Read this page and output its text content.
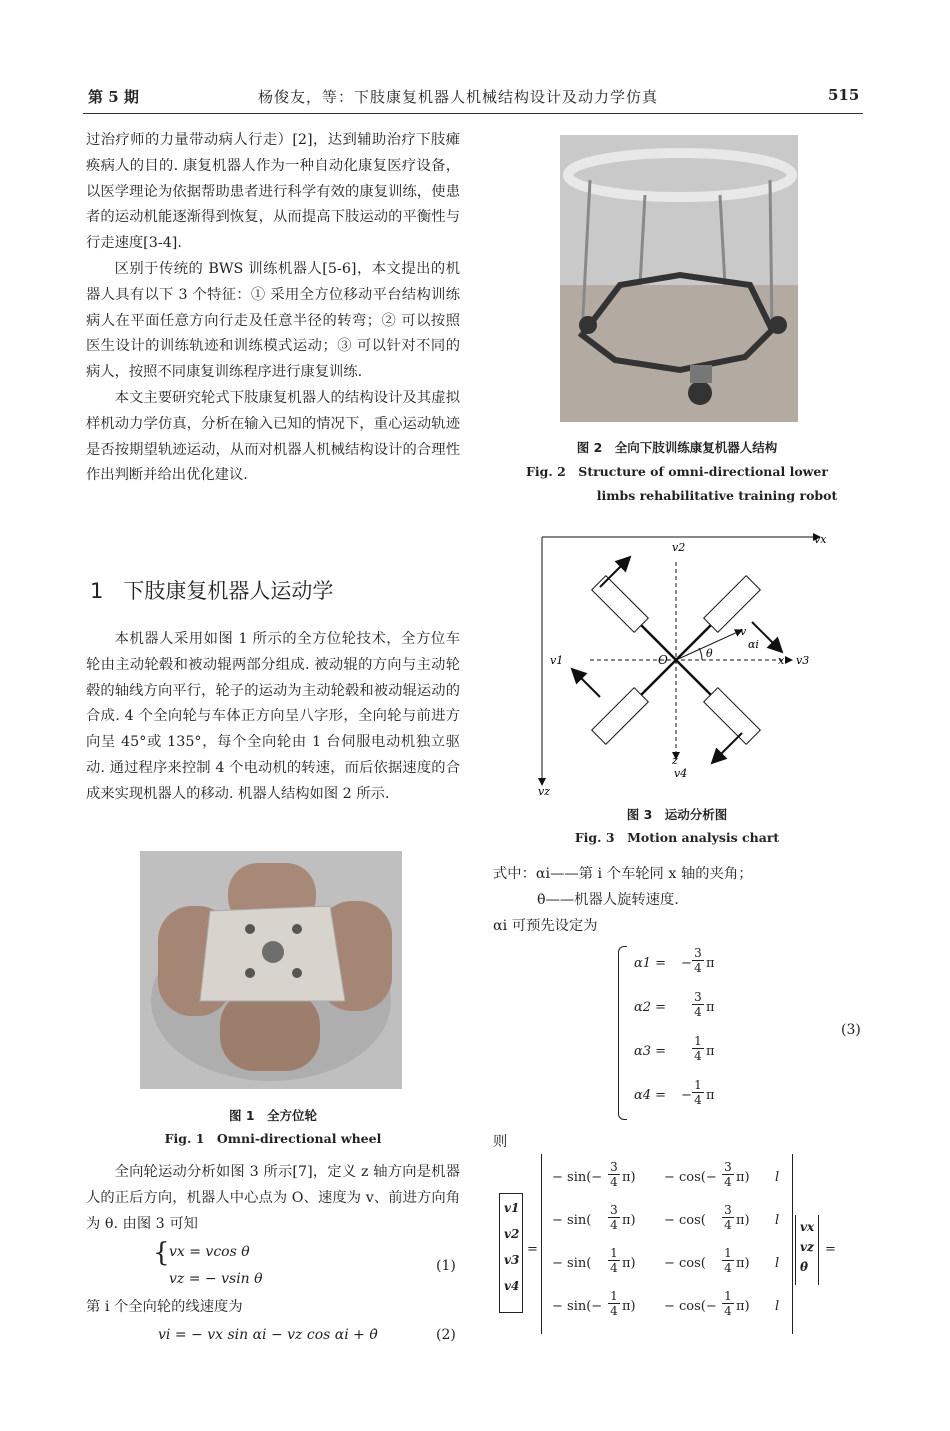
第 5 期	杨俊友，等：下肢康复机器人机械结构设计及动力学仿真	515

过治疗师的力量带动病人行走）[2]，达到辅助治疗下肢瘫痪病人的目的. 康复机器人作为一种自动化康复医疗设备，以医学理论为依据帮助患者进行科学有效的康复训练，使患者的运动机能逐渐得到恢复，从而提高下肢运动的平衡性与行走速度[3-4].

区别于传统的 BWS 训练机器人[5-6]，本文提出的机器人具有以下 3 个特征：① 采用全方位移动平台结构训练病人在平面任意方向行走及任意半径的转弯；② 可以按照医生设计的训练轨迹和训练模式运动；③ 可以针对不同的病人，按照不同康复训练程序进行康复训练.

本文主要研究轮式下肢康复机器人的结构设计及其虚拟样机动力学仿真，分析在输入已知的情况下，重心运动轨迹是否按期望轨迹运动，从而对机器人机械结构设计的合理性作出判断并给出优化建议.

1 下肢康复机器人运动学

本机器人采用如图 1 所示的全方位轮技术，全方位车轮由主动轮毂和被动辊两部分组成. 被动辊的方向与主动轮毂的轴线方向平行，轮子的运动为主动轮毂和被动辊运动的合成. 4 个全向轮与车体正方向呈八字形，全向轮与前进方向呈 45°或 135°，每个全向轮由 1 台伺服电动机独立驱动. 通过程序来控制 4 个电动机的转速，而后依据速度的合成来实现机器人的移动. 机器人结构如图 2 所示.

图 1　全方位轮
Fig. 1　Omni-directional wheel

全向轮运动分析如图 3 所示[7]，定义 z 轴方向是机器人的正后方向，机器人中心点为 O、速度为 v、前进方向角为 θ. 由图 3 可知

{ vx = vcos θ
vz = − vsin θ
(1)

第 i 个全向轮的线速度为

vi = − vx sin αi − vz cos αi + θ̇	(2)
图 2　全向下肢训练康复机器人结构
Fig. 2　Structure of omni-directional lower
limbs rehabilitative training robot
vx
v2
v
αi
v1	O	θ
x v3
z
v4
vz
图 3　运动分析图
Fig. 3　Motion analysis chart

式中：αi——第 i 个车轮同 x 轴的夹角；

θ̇——机器人旋转速度.

αi 可预先设定为

α1 = − $\frac{3}{4}$ π
$\alpha 2 = \frac{3}{4}$ π
$\alpha 3 = \frac{1}{4}$ π
α4 = − $\frac{1}{4}$ π
(3)
则
v1
v2
v3
v4
=
− $\sin(- \frac{3}{4} \pi) - \cos(- \frac{3}{4} \pi)$ l
− $\sin( \frac{3}{4} \pi) - \cos( \frac{3}{4} \pi)$ l
− $\sin( \frac{1}{4} \pi) - \cos( \frac{1}{4} \pi)$ l
− $\sin(- \frac{1}{4} \pi) - \cos(- \frac{1}{4} \pi)$ l
vx
vz
θ̇
=
